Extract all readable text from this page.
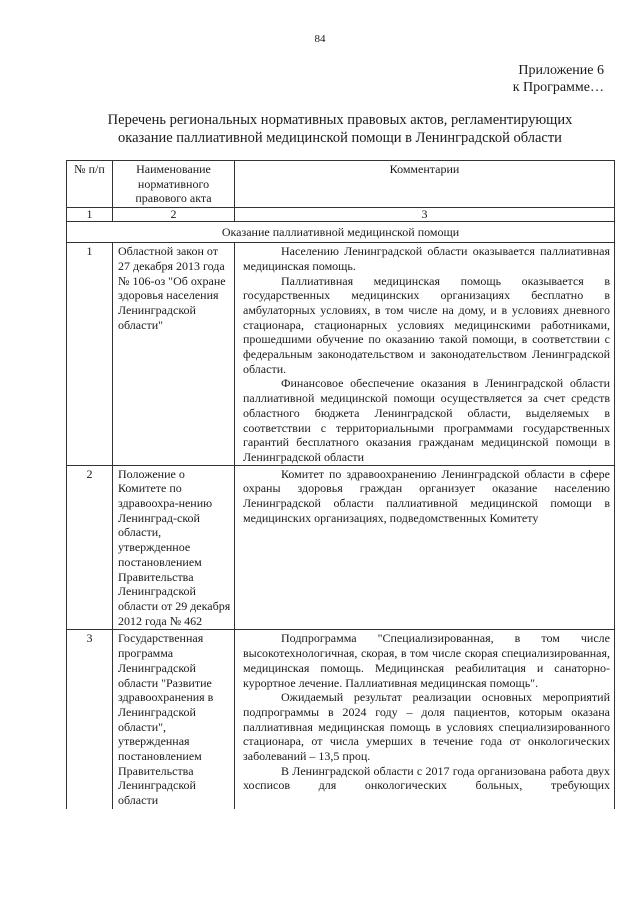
84
Приложение 6
к Программе…
Перечень региональных нормативных правовых актов, регламентирующих
оказание паллиативной медицинской помощи в Ленинградской области
№ п/п	Наименование нормативного правового акта	Комментарии
1	2	3
Оказание паллиативной медицинской помощи		
1	Областной закон от 27 декабря 2013 года № 106-оз "Об охране здоровья населения Ленинградской области"	Населению Ленинградской области оказывается паллиативная медицинская помощь.

Паллиативная медицинская помощь оказывается в государственных медицинских организациях бесплатно в амбулаторных условиях, в том числе на дому, и в условиях дневного стационара, стационарных условиях медицинскими работниками, прошедшими обучение по оказанию такой помощи, в соответствии с федеральным законодательством и законодательством Ленинградской области.

Финансовое обеспечение оказания в Ленинградской области паллиативной медицинской помощи осуществляется за счет средств областного бюджета Ленинградской области, выделяемых в соответствии с территориальными программами государственных гарантий бесплатного оказания гражданам медицинской помощи в Ленинградской области

2	Положение о Комитете по здравоохра-нению Ленинград-ской области, утвержденное постановлением Правительства Ленинградской области от 29 декабря 2012 года № 462	Комитет по здравоохранению Ленинградской области в сфере охраны здоровья граждан организует оказание населению Ленинградской области паллиативной медицинской помощи в медицинских организациях, подведомственных Комитету

3	Государственная программа Ленинградской области "Развитие здравоохранения в Ленинградской области", утвержденная постановлением Правительства Ленинградской области	Подпрограмма "Специализированная, в том числе высокотехнологичная, скорая, в том числе скорая специализированная, медицинская помощь. Медицинская реабилитация и санаторно-курортное лечение. Паллиативная медицинская помощь".

Ожидаемый результат реализации основных мероприятий подпрограммы в 2024 году – доля пациентов, которым оказана паллиативная медицинская помощь в условиях специализированного стационара, от числа умерших в течение года от онкологических заболеваний – 13,5 проц.

В Ленинградской области с 2017 года организована работа двух хосписов для онкологических больных, требующих
